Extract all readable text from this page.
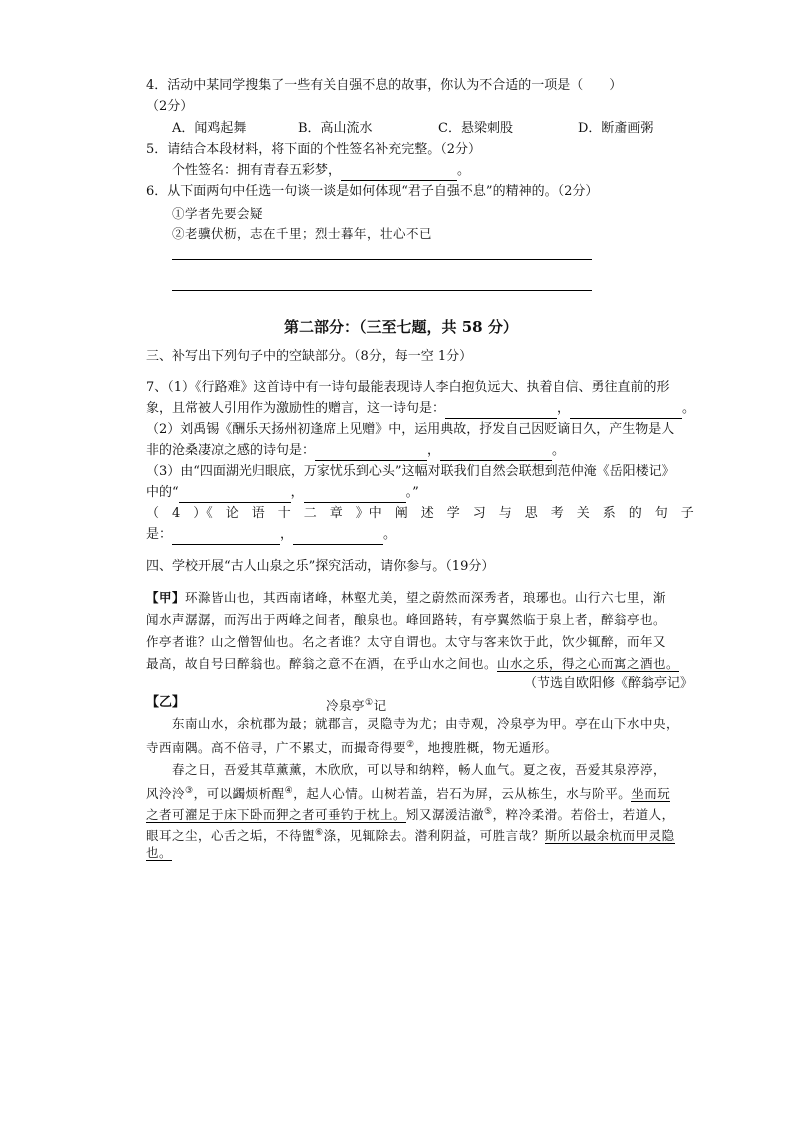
4．活动中某同学搜集了一些有关自强不息的故事，你认为不合适的一项是（　　）
（2分）
A．闻鸡起舞	B．高山流水	C．悬梁刺股	D．断齑画粥
5．请结合本段材料，将下面的个性签名补充完整。（2分）
个性签名：拥有青春五彩梦，	。
6．从下面两句中任选一句谈一谈是如何体现“君子自强不息”的精神的。（2分）
①学者先要会疑
②老骥伏枥，志在千里；烈士暮年，壮心不已
第二部分：（三至七题，共 58 分）
三、补写出下列句子中的空缺部分。（8分，每一空 1分）
7、（1）《行路难》这首诗中有一诗句最能表现诗人李白抱负远大、执着自信、勇往直前的形
象，且常被人引用作为激励性的赠言，这一诗句是：	，	。
（2）刘禹锡《酬乐天扬州初逢席上见赠》中，运用典故，抒发自己因贬谪日久，产生物是人
非的沧桑凄凉之感的诗句是：	，	。
（3）由“四面湖光归眼底，万家忧乐到心头”这幅对联我们自然会联想到范仲淹《岳阳楼记》
中的“	，	。”
（　4　）《　论　语　十　二　章　》中　阐　述　学　习　与　思　考　关　系　的　句　子
是：	，	。
四、学校开展“古人山泉之乐”探究活动，请你参与。（19分）
【甲】环滁皆山也，其西南诸峰，林壑尤美，望之蔚然而深秀者，琅琊也。山行六七里，渐
闻水声潺潺，而泻出于两峰之间者，酿泉也。峰回路转，有亭翼然临于泉上者，醉翁亭也。
作亭者谁？山之僧智仙也。名之者谁？太守自谓也。太守与客来饮于此，饮少辄醉，而年又
最高，故自号曰醉翁也。醉翁之意不在酒，在乎山水之间也。山水之乐，得之心而寓之酒也。
（节选自欧阳修《醉翁亭记》
【乙】	冷泉亭①记
东南山水，余杭郡为最；就郡言，灵隐寺为尤；由寺观，冷泉亭为甲。亭在山下水中央，
寺西南隅。高不倍寻，广不累丈，而撮奇得要②，地搜胜概，物无遁形。
春之日，吾爱其草薰薰，木欣欣，可以导和纳粹，畅人血气。夏之夜，吾爱其泉渟渟，
风泠泠③，可以蠲烦析酲④，起人心情。山树若盖，岩石为屏，云从栋生，水与阶平。坐而玩
之者可濯足于床下卧而狎之者可垂钓于枕上。矧又潺湲洁澈⑤，粹冷柔滑。若俗士，若道人，
眼耳之尘，心舌之垢，不待盥⑥涤，见辄除去。潜利阴益，可胜言哉？斯所以最余杭而甲灵隐
也。
